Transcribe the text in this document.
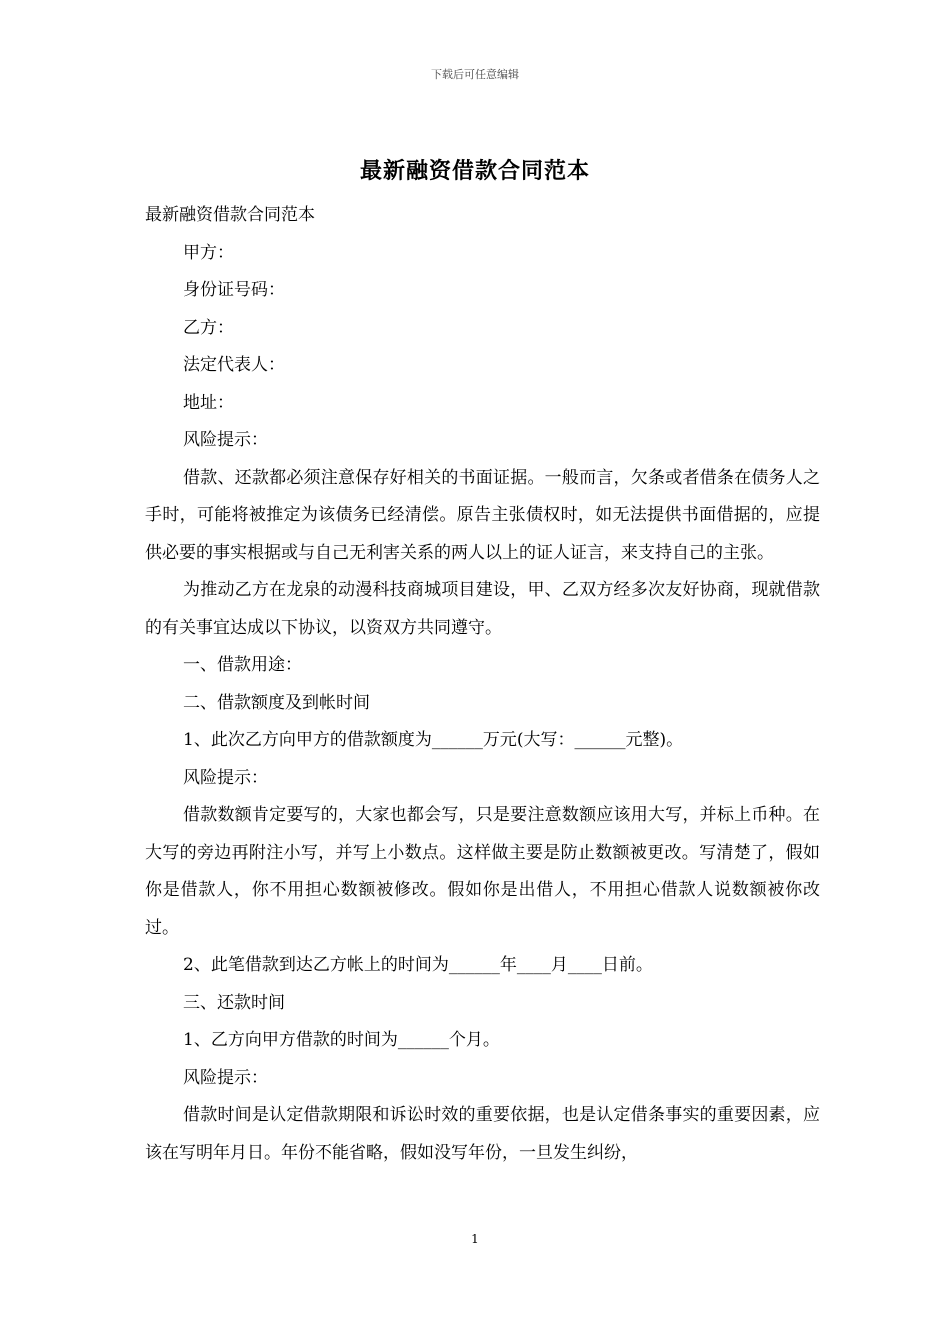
下载后可任意编辑
最新融资借款合同范本

最新融资借款合同范本

甲方：

身份证号码：

乙方：

法定代表人：

地址：

风险提示：

借款、还款都必须注意保存好相关的书面证据。一般而言，欠条或者借条在债务人之手时，可能将被推定为该债务已经清偿。原告主张债权时，如无法提供书面借据的，应提供必要的事实根据或与自己无利害关系的两人以上的证人证言，来支持自己的主张。

为推动乙方在龙泉的动漫科技商城项目建设，甲、乙双方经多次友好协商，现就借款的有关事宜达成以下协议，以资双方共同遵守。

一、借款用途：

二、借款额度及到帐时间

1、此次乙方向甲方的借款额度为______万元(大写：______元整)。

风险提示：

借款数额肯定要写的，大家也都会写，只是要注意数额应该用大写，并标上币种。在大写的旁边再附注小写，并写上小数点。这样做主要是防止数额被更改。写清楚了，假如你是借款人，你不用担心数额被修改。假如你是出借人，不用担心借款人说数额被你改过。

2、此笔借款到达乙方帐上的时间为______年____月____日前。

三、还款时间

1、乙方向甲方借款的时间为______个月。

风险提示：

借款时间是认定借款期限和诉讼时效的重要依据，也是认定借条事实的重要因素，应该在写明年月日。年份不能省略，假如没写年份，一旦发生纠纷，

1
